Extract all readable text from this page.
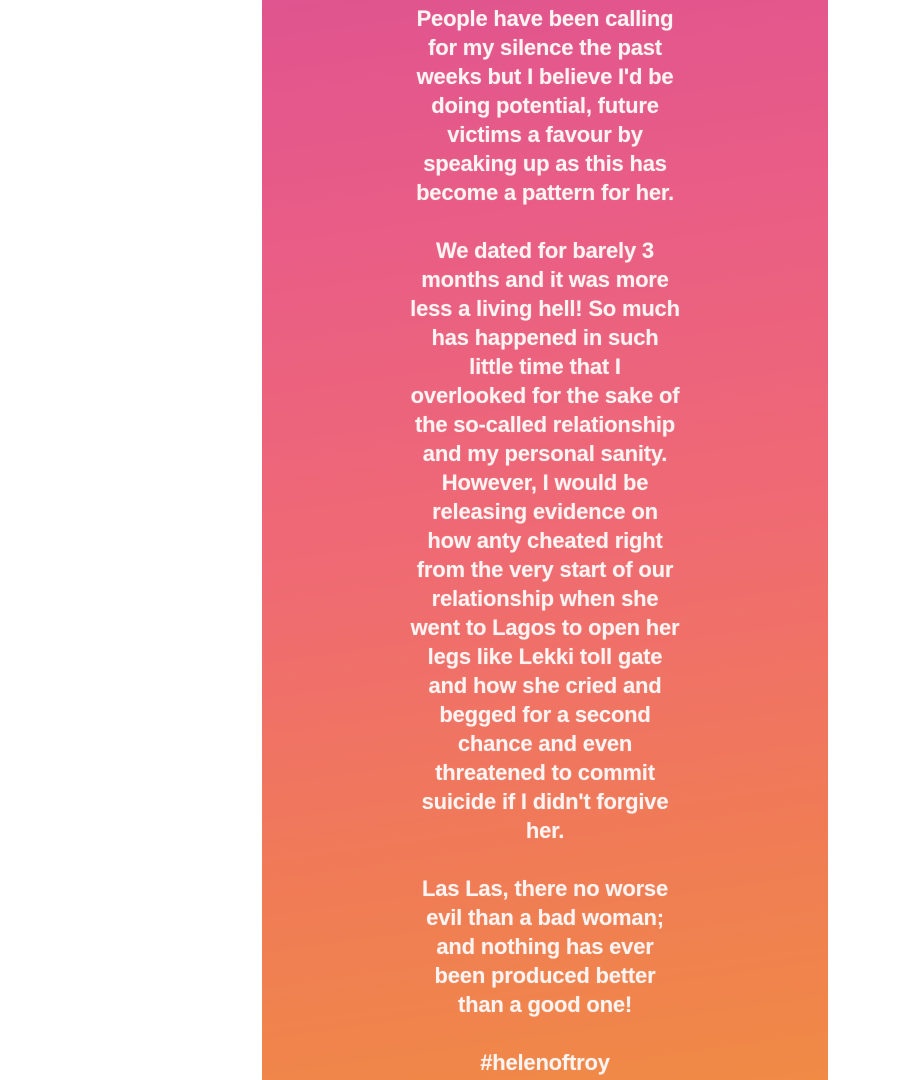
People have been calling
for my silence the past
weeks but I believe I'd be
doing potential, future
victims a favour by
speaking up as this has
become a pattern for her.

We dated for barely 3
months and it was more
less a living hell! So much
has happened in such
little time that I
overlooked for the sake of
the so-called relationship
and my personal sanity.
However, I would be
releasing evidence on
how anty cheated right
from the very start of our
relationship when she
went to Lagos to open her
legs like Lekki toll gate
and how she cried and
begged for a second
chance and even
threatened to commit
suicide if I didn't forgive
her.

Las Las, there no worse
evil than a bad woman;
and nothing has ever
been produced better
than a good one!

#helenoftroy
